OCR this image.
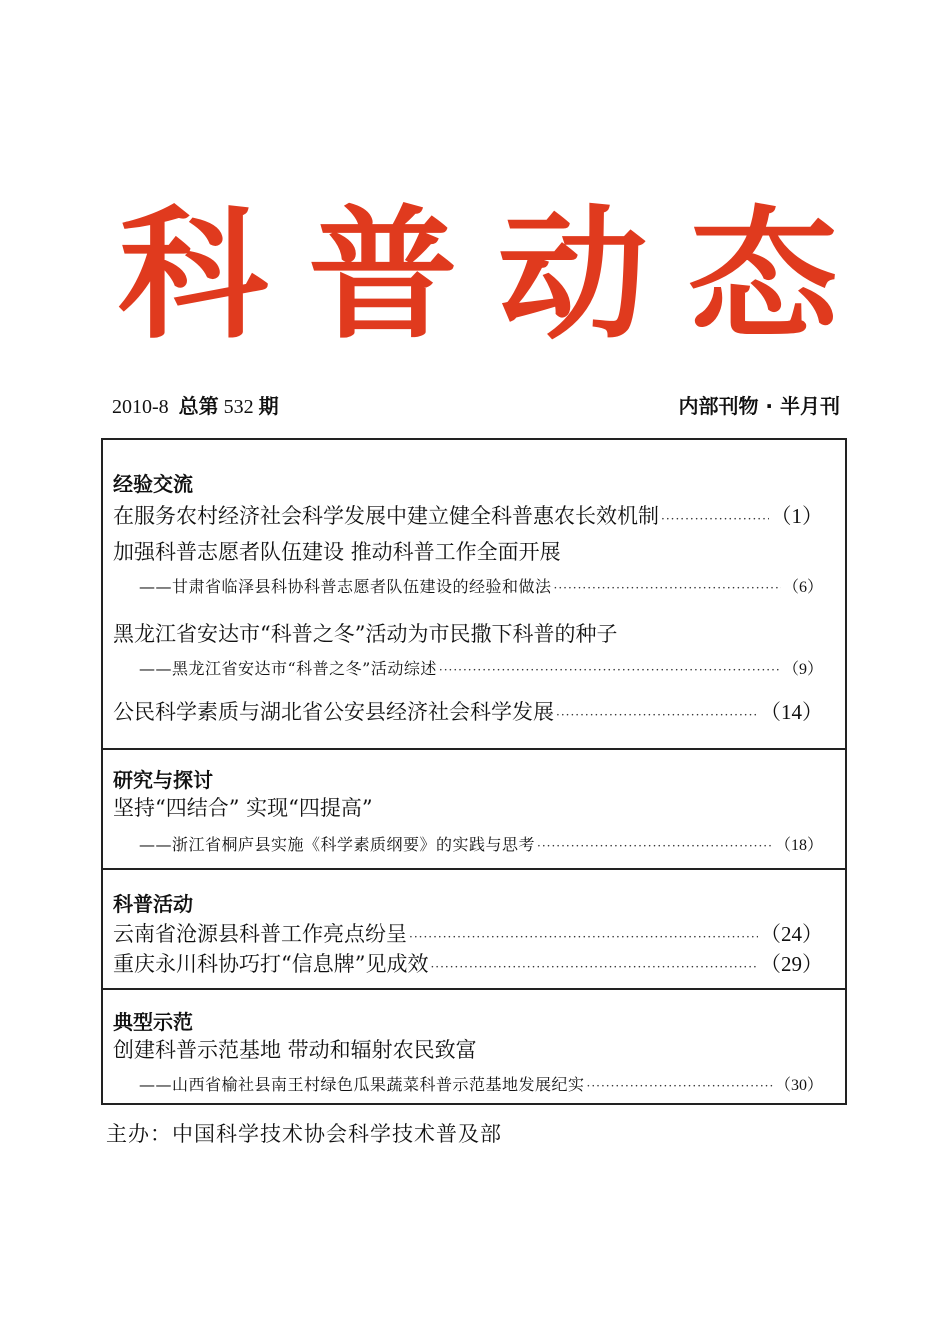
科 普 动 态
2010-8 总第 532 期	内部刊物 · 半月刊
经验交流
在服务农村经济社会科学发展中建立健全科普惠农长效机制 ·····	（1）
加强科普志愿者队伍建设 推动科普工作全面开展
——甘肃省临泽县科协科普志愿者队伍建设的经验和做法 ·····	（6）
黑龙江省安达市“科普之冬”活动为市民撒下科普的种子
——黑龙江省安达市“科普之冬”活动综述 ·····	（9）
公民科学素质与湖北省公安县经济社会科学发展 ·····	（14）
研究与探讨
坚持“四结合” 实现“四提高”
——浙江省桐庐县实施《科学素质纲要》的实践与思考 ·····	（18）
科普活动
云南省沧源县科普工作亮点纷呈 ·····	（24）
重庆永川科协巧打“信息牌”见成效 ·····	（29）
典型示范
创建科普示范基地 带动和辐射农民致富
——山西省榆社县南王村绿色瓜果蔬菜科普示范基地发展纪实 ·····	（30）
主办：中国科学技术协会科学技术普及部
